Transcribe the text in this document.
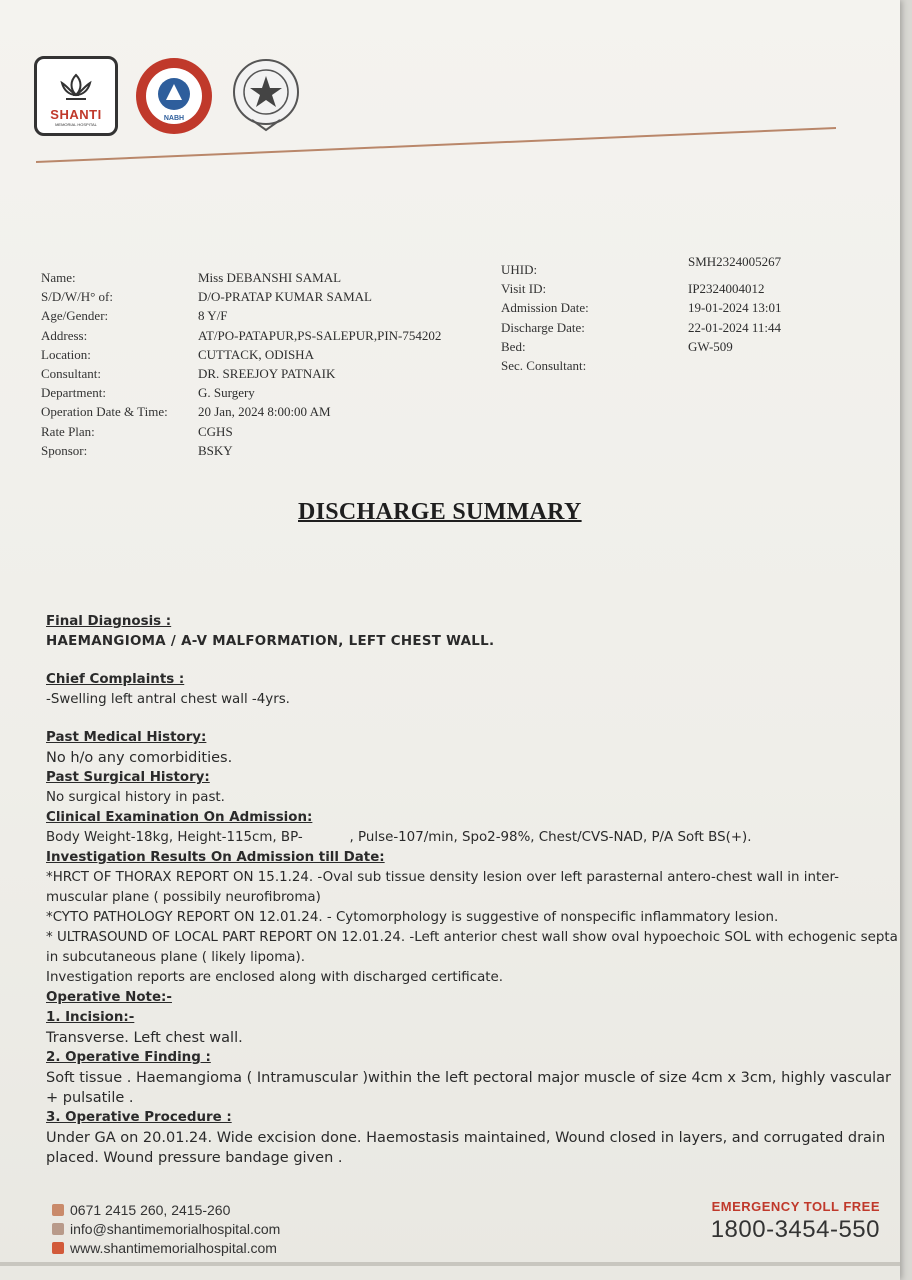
SHANTI
MEMORIAL HOSPITAL
NABH
Name:	Miss DEBANSHI SAMAL
S/D/W/H° of:	D/O-PRATAP KUMAR SAMAL
Age/Gender:	8 Y/F
Address:	AT/PO-PATAPUR,PS-SALEPUR,PIN-754202
Location:	CUTTACK, ODISHA
Consultant:	DR. SREEJOY PATNAIK
Department:	G. Surgery
Operation Date & Time:	20 Jan, 2024 8:00:00 AM
Rate Plan:	CGHS
Sponsor:	BSKY
UHID:
SMH2324005267
Visit ID:	IP2324004012
Admission Date:	19-01-2024 13:01
Discharge Date:	22-01-2024 11:44
Bed:	GW-509
Sec. Consultant:
DISCHARGE SUMMARY
Final Diagnosis :
HAEMANGIOMA / A-V MALFORMATION, LEFT CHEST WALL.
Chief Complaints :
-Swelling left antral chest wall -4yrs.
Past Medical History:
No h/o any comorbidities.
Past Surgical History:
No surgical history in past.
Clinical Examination On Admission:
Body Weight-18kg, Height-115cm, BP-           , Pulse-107/min, Spo2-98%, Chest/CVS-NAD, P/A Soft BS(+).
Investigation Results On Admission till Date:
*HRCT OF THORAX REPORT ON 15.1.24. -Oval sub tissue density lesion over left parasternal antero-chest wall in inter-muscular plane ( possibily neurofibroma)
*CYTO PATHOLOGY REPORT ON 12.01.24. - Cytomorphology is suggestive of nonspecific inflammatory lesion.
* ULTRASOUND OF LOCAL PART REPORT ON 12.01.24. -Left anterior chest wall show oval hypoechoic SOL with echogenic septa in subcutaneous plane ( likely lipoma).
Investigation reports are enclosed along with discharged certificate.
Operative Note:-
1. Incision:-
Transverse. Left chest wall.
2. Operative Finding :
Soft tissue . Haemangioma ( Intramuscular )within the left pectoral major muscle of size 4cm x 3cm, highly vascular + pulsatile .
3. Operative Procedure :
Under GA on 20.01.24. Wide excision done. Haemostasis maintained, Wound closed in layers, and corrugated drain placed. Wound pressure bandage given .
0671 2415 260, 2415-260
info@shantimemorialhospital.com
www.shantimemorialhospital.com
EMERGENCY TOLL FREE
1800-3454-550
